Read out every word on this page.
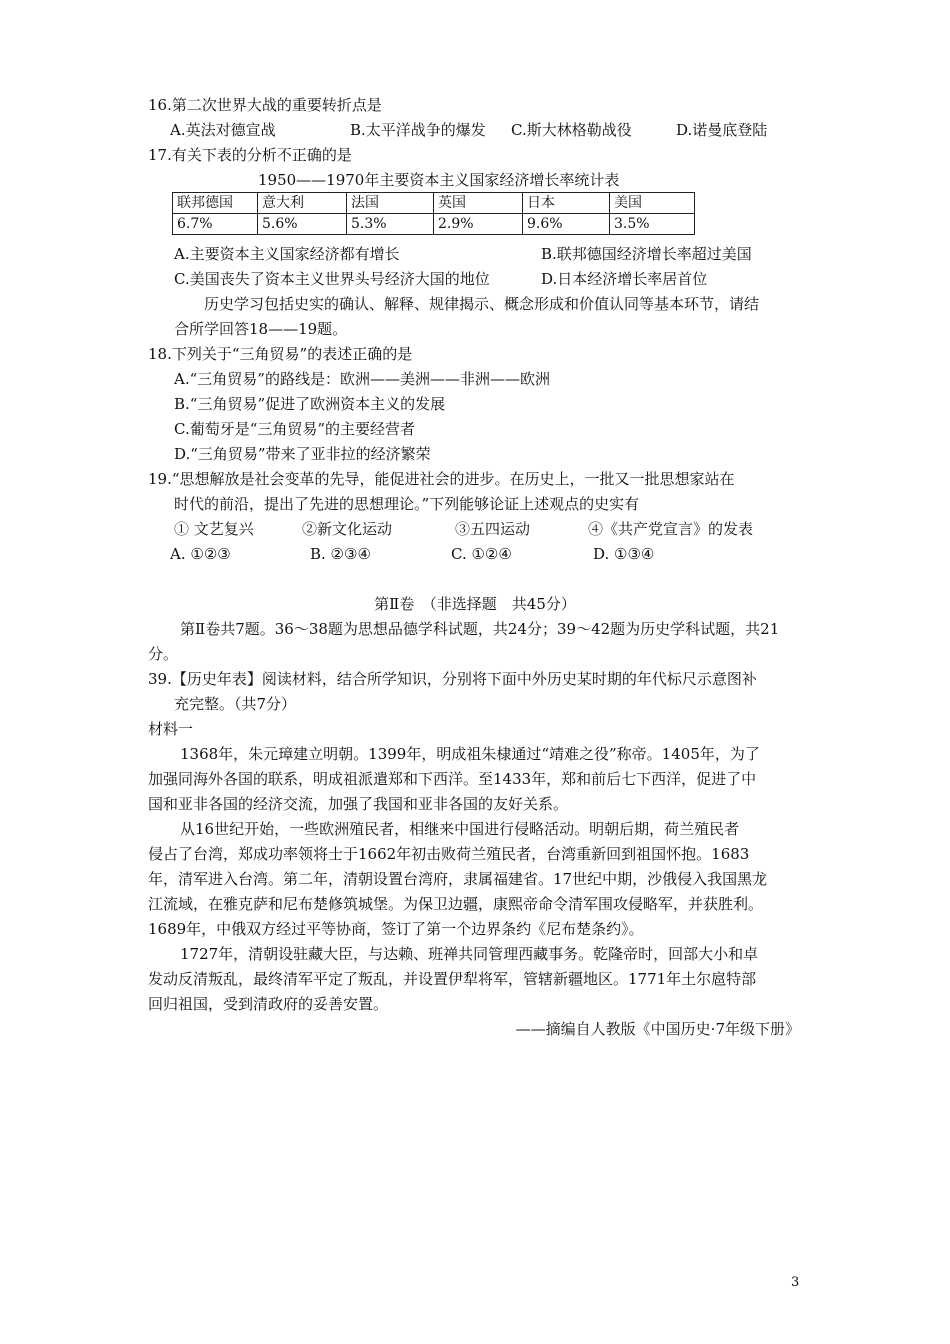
16.第二次世界大战的重要转折点是
A.英法对德宣战	B.太平洋战争的爆发 C.斯大林格勒战役	D.诺曼底登陆
17.有关下表的分析不正确的是
1950——1970年主要资本主义国家经济增长率统计表
联邦德国	意大利	法国	英国	日本	美国
6.7%	5.6%	5.3%	2.9%	9.6%	3.5%
A.主要资本主义国家经济都有增长	B.联邦德国经济增长率超过美国
C.美国丧失了资本主义世界头号经济大国的地位	D.日本经济增长率居首位
历史学习包括史实的确认、解释、规律揭示、概念形成和价值认同等基本环节，请结
合所学回答18——19题。
18.下列关于“三角贸易”的表述正确的是
A.“三角贸易”的路线是：欧洲——美洲——非洲——欧洲
B.“三角贸易”促进了欧洲资本主义的发展
C.葡萄牙是“三角贸易”的主要经营者
D.“三角贸易”带来了亚非拉的经济繁荣
19.“思想解放是社会变革的先导，能促进社会的进步。在历史上，一批又一批思想家站在
时代的前沿，提出了先进的思想理论。”下列能够论证上述观点的史实有
① 文艺复兴	②新文化运动	③五四运动	④《共产党宣言》的发表
A. ①②③	B. ②③④	C. ①②④	D. ①③④
第Ⅱ卷　（非选择题　共45分）
第Ⅱ卷共7题。36～38题为思想品德学科试题，共24分；39～42题为历史学科试题，共21
分。
39.【历史年表】阅读材料，结合所学知识，分别将下面中外历史某时期的年代标尺示意图补
充完整。（共7分）
材料一
1368年，朱元璋建立明朝。1399年，明成祖朱棣通过“靖难之役”称帝。1405年，为了
加强同海外各国的联系，明成祖派遣郑和下西洋。至1433年，郑和前后七下西洋，促进了中
国和亚非各国的经济交流，加强了我国和亚非各国的友好关系。
从16世纪开始，一些欧洲殖民者，相继来中国进行侵略活动。明朝后期，荷兰殖民者
侵占了台湾，郑成功率领将士于1662年初击败荷兰殖民者，台湾重新回到祖国怀抱。1683
年，清军进入台湾。第二年，清朝设置台湾府，隶属福建省。17世纪中期，沙俄侵入我国黑龙
江流域，在雅克萨和尼布楚修筑城堡。为保卫边疆，康熙帝命令清军围攻侵略军，并获胜利。
1689年，中俄双方经过平等协商，签订了第一个边界条约《尼布楚条约》。
1727年，清朝设驻藏大臣，与达赖、班禅共同管理西藏事务。乾隆帝时，回部大小和卓
发动反清叛乱，最终清军平定了叛乱，并设置伊犁将军，管辖新疆地区。1771年土尔扈特部
回归祖国，受到清政府的妥善安置。
——摘编自人教版《中国历史·7年级下册》
3
